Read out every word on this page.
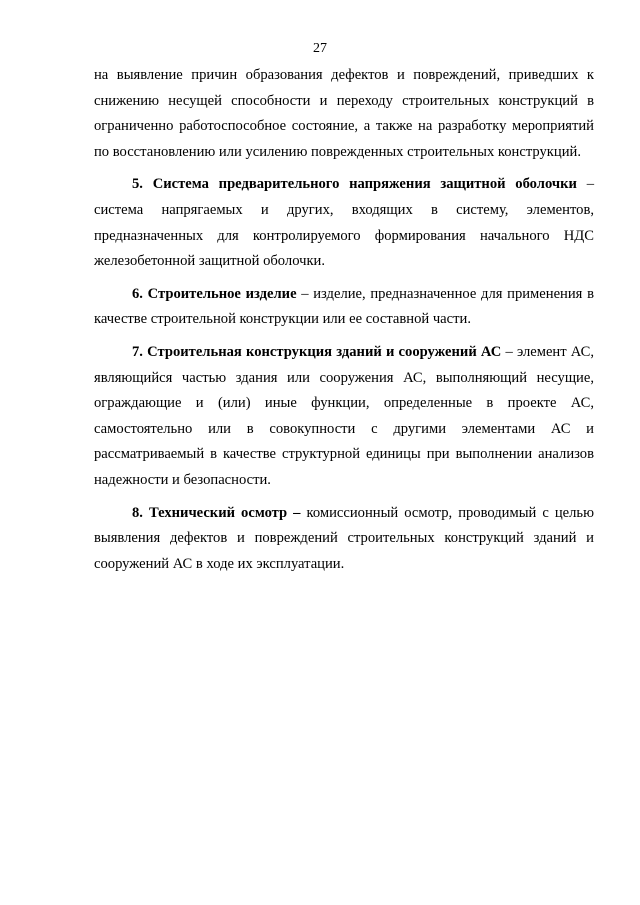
27

на выявление причин образования дефектов и повреждений, приведших к снижению несущей способности и переходу строительных конструкций в ограниченно работоспособное состояние, а также на разработку мероприятий по восстановлению или усилению поврежденных строительных конструкций.

5. Система предварительного напряжения защитной оболочки – система напрягаемых и других, входящих в систему, элементов, предназначенных для контролируемого формирования начального НДС железобетонной защитной оболочки.

6. Строительное изделие – изделие, предназначенное для применения в качестве строительной конструкции или ее составной части.

7. Строительная конструкция зданий и сооружений АС – элемент АС, являющийся частью здания или сооружения АС, выполняющий несущие, ограждающие и (или) иные функции, определенные в проекте АС, самостоятельно или в совокупности с другими элементами АС и рассматриваемый в качестве структурной единицы при выполнении анализов надежности и безопасности.

8. Технический осмотр – комиссионный осмотр, проводимый с целью выявления дефектов и повреждений строительных конструкций зданий и сооружений АС в ходе их эксплуатации.
